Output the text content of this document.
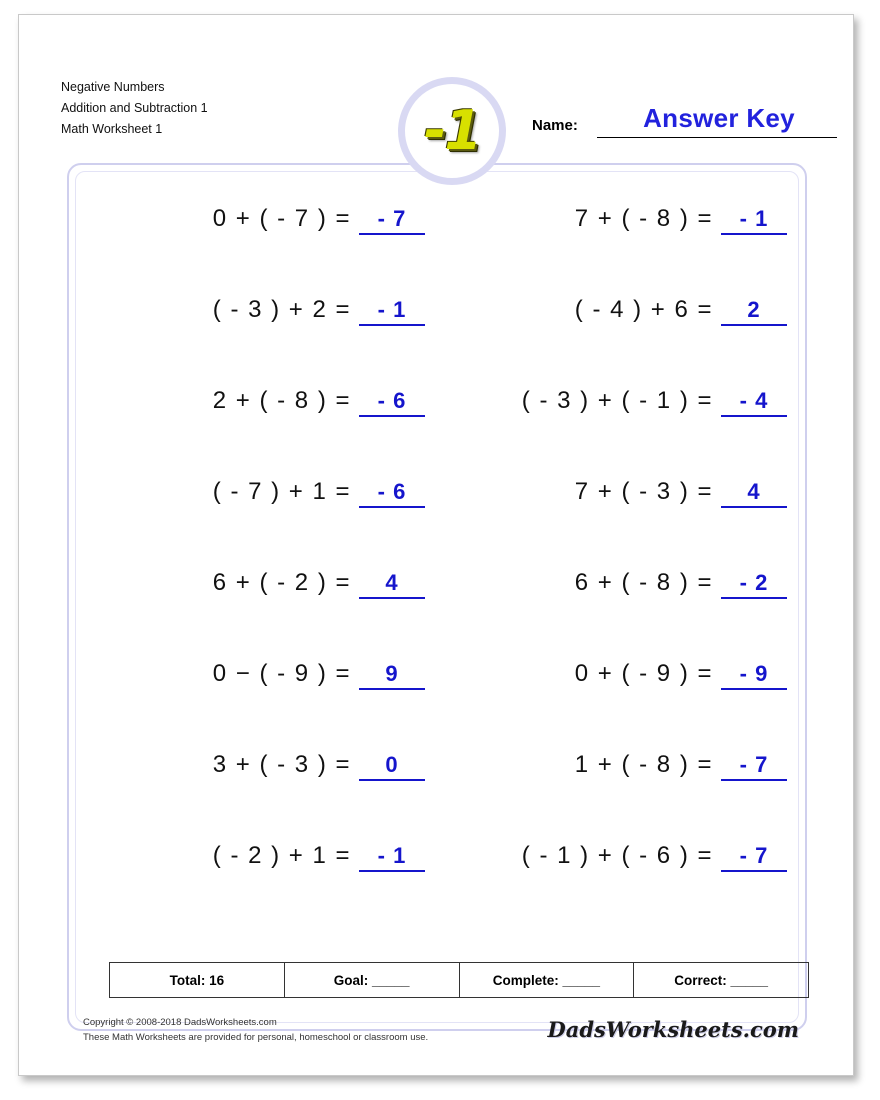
Negative Numbers
Addition and Subtraction 1
Math Worksheet 1	-1	Name:	Answer Key
0 + ( - 7 ) =	- 7	7 + ( - 8 ) =	- 1
( - 3 ) + 2 =	- 1	( - 4 ) + 6 =	2
2 + ( - 8 ) =	- 6	( - 3 ) + ( - 1 ) =	- 4
( - 7 ) + 1 =	- 6	7 + ( - 3 ) =	4
6 + ( - 2 ) =	4	6 + ( - 8 ) =	- 2
0 − ( - 9 ) =	9	0 + ( - 9 ) =	- 9
3 + ( - 3 ) =	0	1 + ( - 8 ) =	- 7
( - 2 ) + 1 =	- 1	( - 1 ) + ( - 6 ) =	- 7
Total: 16	Goal: _____	Complete: _____	Correct: _____
Copyright © 2008-2018 DadsWorksheets.com
These Math Worksheets are provided for personal, homeschool or classroom use.	DadsWorksheets.com
